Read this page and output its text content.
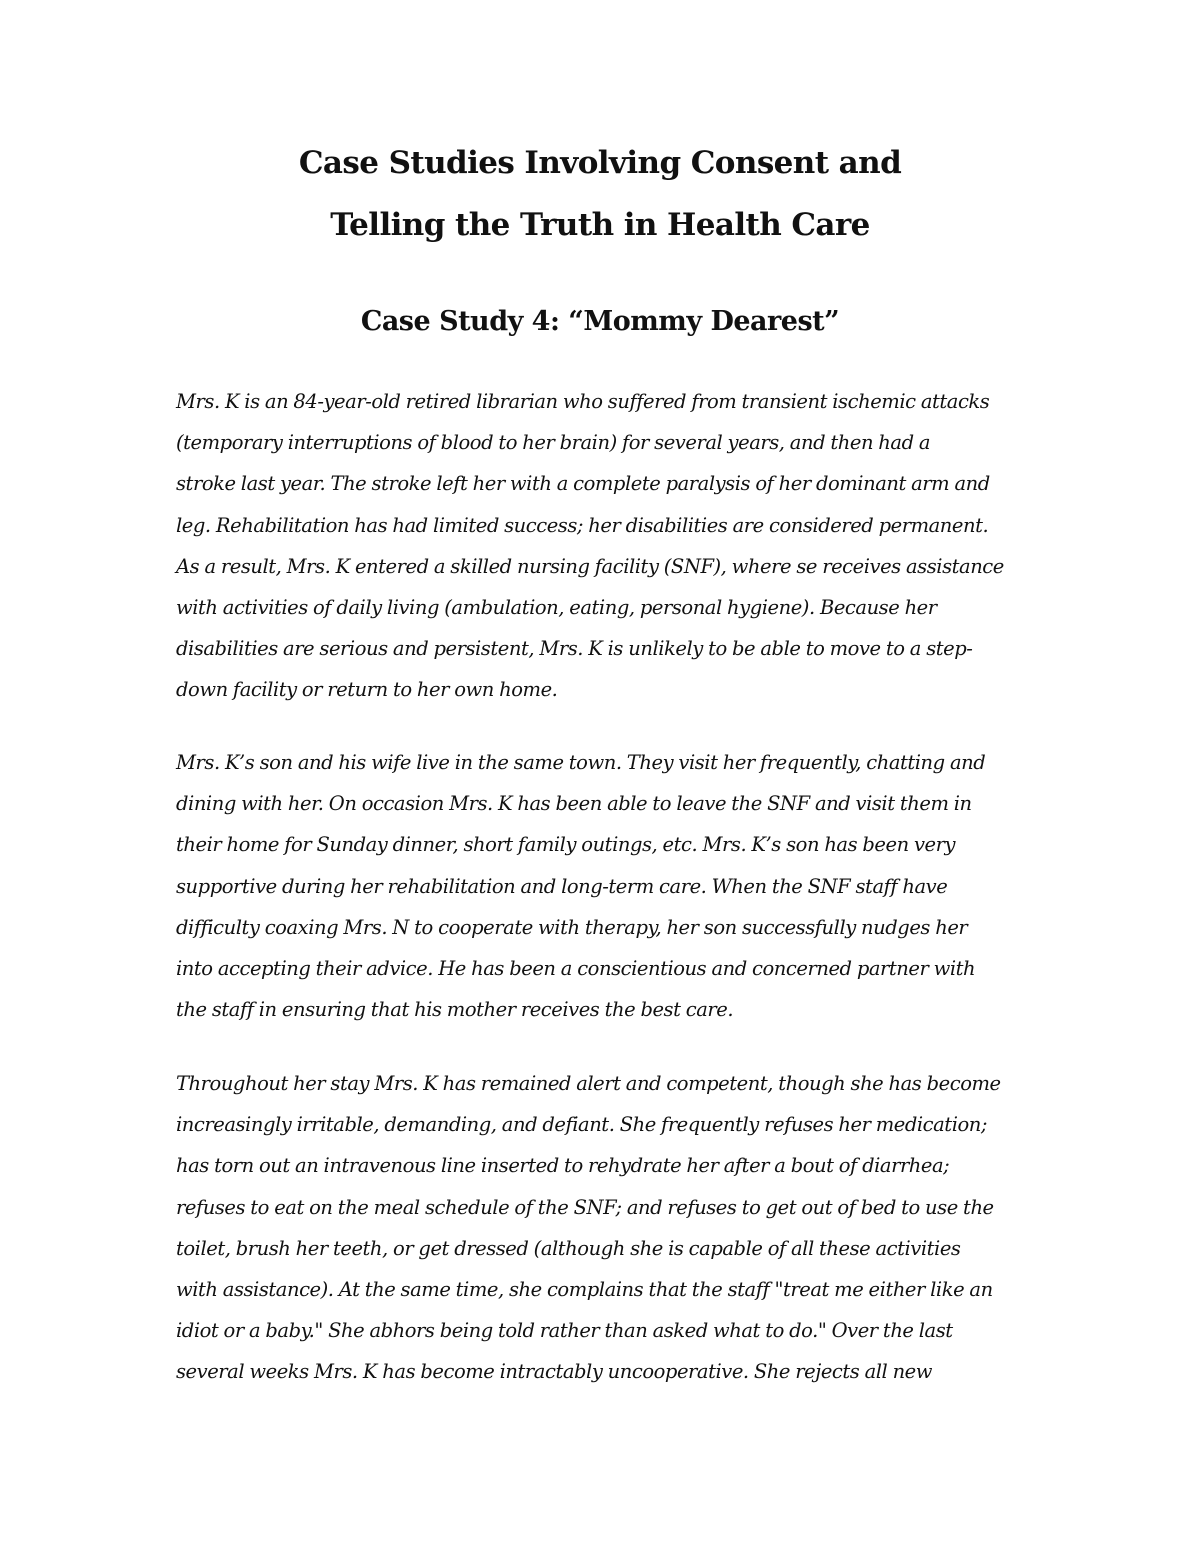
Case Studies Involving Consent and
Telling the Truth in Health Care
Case Study 4: “Mommy Dearest”
Mrs. K is an 84-year-old retired librarian who suffered from transient ischemic attacks
(temporary interruptions of blood to her brain) for several years, and then had a
stroke last year. The stroke left her with a complete paralysis of her dominant arm and
leg. Rehabilitation has had limited success; her disabilities are considered permanent.
As a result, Mrs. K entered a skilled nursing facility (SNF), where se receives assistance
with activities of daily living (ambulation, eating, personal hygiene). Because her
disabilities are serious and persistent, Mrs. K is unlikely to be able to move to a step-
down facility or return to her own home.
Mrs. K’s son and his wife live in the same town. They visit her frequently, chatting and
dining with her. On occasion Mrs. K has been able to leave the SNF and visit them in
their home for Sunday dinner, short family outings, etc. Mrs. K’s son has been very
supportive during her rehabilitation and long-term care. When the SNF staff have
difficulty coaxing Mrs. N to cooperate with therapy, her son successfully nudges her
into accepting their advice. He has been a conscientious and concerned partner with
the staff in ensuring that his mother receives the best care.
Throughout her stay Mrs. K has remained alert and competent, though she has become
increasingly irritable, demanding, and defiant. She frequently refuses her medication;
has torn out an intravenous line inserted to rehydrate her after a bout of diarrhea;
refuses to eat on the meal schedule of the SNF; and refuses to get out of bed to use the
toilet, brush her teeth, or get dressed (although she is capable of all these activities
with assistance). At the same time, she complains that the staff "treat me either like an
idiot or a baby." She abhors being told rather than asked what to do." Over the last
several weeks Mrs. K has become intractably uncooperative. She rejects all new
